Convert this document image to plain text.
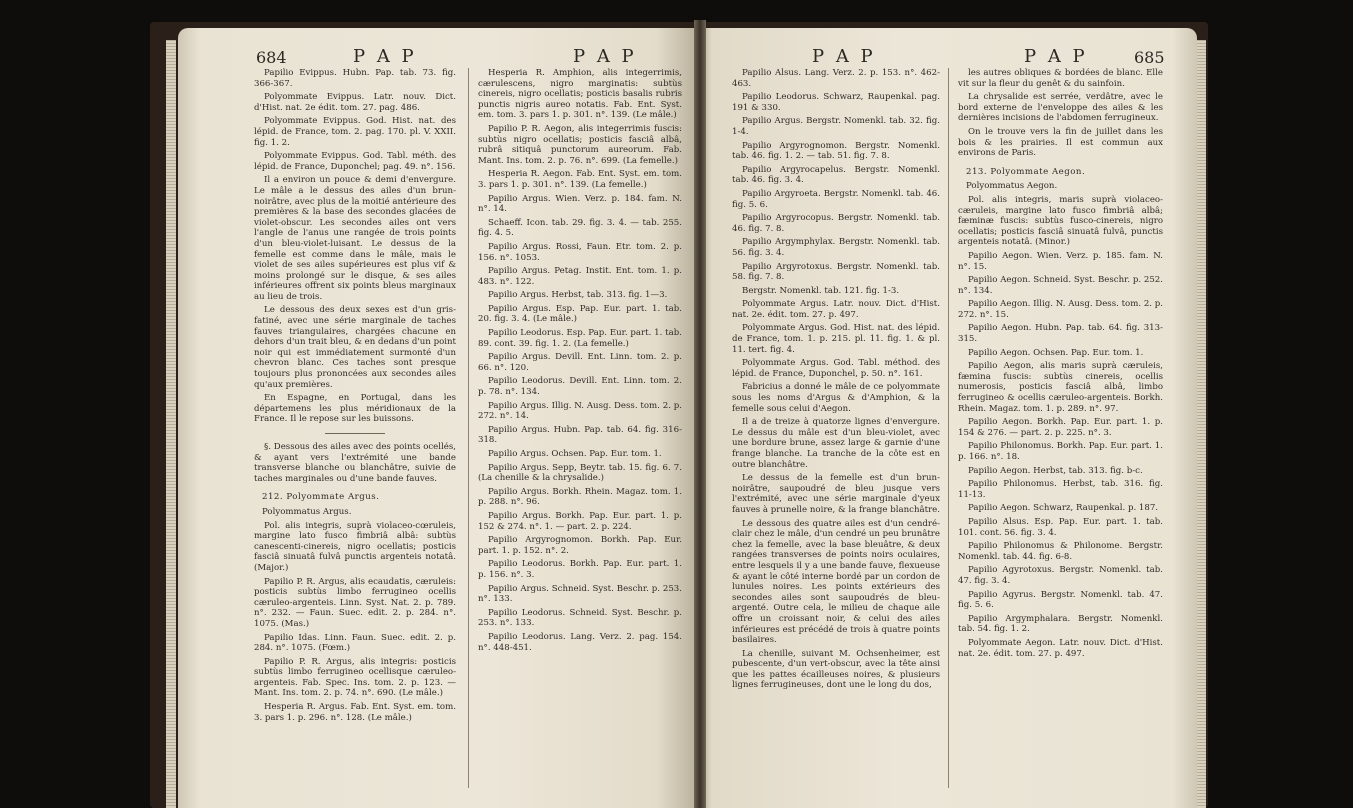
684	P A P	P A P

Papilio Evippus. Hubn. Pap. tab. 73. fig. 366-367.

Polyommate Evippus. Latr. nouv. Dict. d'Hist. nat. 2e édit. tom. 27. pag. 486.

Polyommate Evippus. God. Hist. nat. des lépid. de France, tom. 2. pag. 170. pl. V. XXII. fig. 1. 2.

Polyommate Evippus. God. Tabl. méth. des lépid. de France, Duponchel; pag. 49. n°. 156.

Il a environ un pouce & demi d'envergure. Le mâle a le dessus des ailes d'un brun-noirâtre, avec plus de la moitié antérieure des premières & la base des secondes glacées de violet-obscur. Les secondes ailes ont vers l'angle de l'anus une rangée de trois points d'un bleu-violet-luisant. Le dessus de la femelle est comme dans le mâle, mais le violet de ses ailes supérieures est plus vif & moins prolongé sur le disque, & ses ailes inférieures offrent six points bleus marginaux au lieu de trois.

Le dessous des deux sexes est d'un gris-fatiné, avec une série marginale de taches fauves triangulaires, chargées chacune en dehors d'un trait bleu, & en dedans d'un point noir qui est immédiatement surmonté d'un chevron blanc. Ces taches sont presque toujours plus prononcées aux secondes ailes qu'aux premières.

En Espagne, en Portugal, dans les départemens les plus méridionaux de la France. Il le repose sur les buissons.

§. Dessous des ailes avec des points ocellés, & ayant vers l'extrémité une bande transverse blanche ou blanchâtre, suivie de taches marginales ou d'une bande fauves.

212. Polyommate Argus.

Polyommatus Argus.

Pol. alis integris, suprà violaceo-cœruleis, margine lato fusco fimbriâ albâ: subtùs canescenti-cinereis, nigro ocellatis; posticis fasciâ sinuatâ fulvâ punctis argenteis notatâ. (Major.)

Papilio P. R. Argus, alis ecaudatis, cæruleis: posticis subtùs limbo ferrugineo ocellis cæruleo-argenteis. Linn. Syst. Nat. 2. p. 789. n°. 232. — Faun. Suec. edit. 2. p. 284. n°. 1075. (Mas.)

Papilio Idas. Linn. Faun. Suec. edit. 2. p. 284. n°. 1075. (Fœm.)

Papilio P. R. Argus, alis integris: posticis subtùs limbo ferrugineo ocellisque cæruleo-argenteis. Fab. Spec. Ins. tom. 2. p. 123. — Mant. Ins. tom. 2. p. 74. n°. 690. (Le mâle.)

Hesperia R. Argus. Fab. Ent. Syst. em. tom. 3. pars 1. p. 296. n°. 128. (Le mâle.)

Hesperia R. Amphion, alis integerrimis, cærulescens, nigro marginatis: subtùs cinereis, nigro ocellatis; posticis basalis rubris punctis nigris aureo notatis. Fab. Ent. Syst. em. tom. 3. pars 1. p. 301. n°. 139. (Le mâle.)

Papilio P. R. Aegon, alis integerrimis fuscis: subtùs nigro ocellatis; posticis fasciâ albâ, rubrâ sitiquâ punctorum aureorum. Fab. Mant. Ins. tom. 2. p. 76. n°. 699. (La femelle.)

Hesperia R. Aegon. Fab. Ent. Syst. em. tom. 3. pars 1. p. 301. n°. 139. (La femelle.)

Papilio Argus. Wien. Verz. p. 184. fam. N. n°. 14.

Schaeff. Icon. tab. 29. fig. 3. 4. — tab. 255. fig. 4. 5.

Papilio Argus. Rossi, Faun. Etr. tom. 2. p. 156. n°. 1053.

Papilio Argus. Petag. Instit. Ent. tom. 1. p. 483. n°. 122.

Papilio Argus. Herbst, tab. 313. fig. 1—3.

Papilio Argus. Esp. Pap. Eur. part. 1. tab. 20. fig. 3. 4. (Le mâle.)

Papilio Leodorus. Esp. Pap. Eur. part. 1. tab. 89. cont. 39. fig. 1. 2. (La femelle.)

Papilio Argus. Devill. Ent. Linn. tom. 2. p. 66. n°. 120.

Papilio Leodorus. Devill. Ent. Linn. tom. 2. p. 78. n°. 134.

Papilio Argus. Illig. N. Ausg. Dess. tom. 2. p. 272. n°. 14.

Papilio Argus. Hubn. Pap. tab. 64. fig. 316-318.

Papilio Argus. Ochsen. Pap. Eur. tom. 1.

Papilio Argus. Sepp, Beytr. tab. 15. fig. 6. 7. (La chenille & la chrysalide.)

Papilio Argus. Borkh. Rhein. Magaz. tom. 1. p. 288. n°. 96.

Papilio Argus. Borkh. Pap. Eur. part. 1. p. 152 & 274. n°. 1. — part. 2. p. 224.

Papilio Argyrognomon. Borkh. Pap. Eur. part. 1. p. 152. n°. 2.

Papilio Leodorus. Borkh. Pap. Eur. part. 1. p. 156. n°. 3.

Papilio Argus. Schneid. Syst. Beschr. p. 253. n°. 133.

Papilio Leodorus. Schneid. Syst. Beschr. p. 253. n°. 133.

Papilio Leodorus. Lang. Verz. 2. pag. 154. n°. 448-451.

P A P	P A P	685

Papilio Alsus. Lang. Verz. 2. p. 153. n°. 462-463.

Papilio Leodorus. Schwarz, Raupenkal. pag. 191 & 330.

Papilio Argus. Bergstr. Nomenkl. tab. 32. fig. 1-4.

Papilio Argyrognomon. Bergstr. Nomenkl. tab. 46. fig. 1. 2. — tab. 51. fig. 7. 8.

Papilio Argyrocapelus. Bergstr. Nomenkl. tab. 46. fig. 3. 4.

Papilio Argyroeta. Bergstr. Nomenkl. tab. 46. fig. 5. 6.

Papilio Argyrocopus. Bergstr. Nomenkl. tab. 46. fig. 7. 8.

Papilio Argymphylax. Bergstr. Nomenkl. tab. 56. fig. 3. 4.

Papilio Argyrotoxus. Bergstr. Nomenkl. tab. 58. fig. 7. 8.

Bergstr. Nomenkl. tab. 121. fig. 1-3.

Polyommate Argus. Latr. nouv. Dict. d'Hist. nat. 2e. édit. tom. 27. p. 497.

Polyommate Argus. God. Hist. nat. des lépid. de France, tom. 1. p. 215. pl. 11. fig. 1. & pl. 11. tert. fig. 4.

Polyommate Argus. God. Tabl. méthod. des lépid. de France, Duponchel, p. 50. n°. 161.

Fabricius a donné le mâle de ce polyommate sous les noms d'Argus & d'Amphion, & la femelle sous celui d'Aegon.

Il a de treize à quatorze lignes d'envergure. Le dessus du mâle est d'un bleu-violet, avec une bordure brune, assez large & garnie d'une frange blanche. La tranche de la côte est en outre blanchâtre.

Le dessus de la femelle est d'un brun-noirâtre, saupoudré de bleu jusque vers l'extrémité, avec une série marginale d'yeux fauves à prunelle noire, & la frange blanchâtre.

Le dessous des quatre ailes est d'un cendré-clair chez le mâle, d'un cendré un peu brunâtre chez la femelle, avec la base bleuâtre, & deux rangées transverses de points noirs oculaires, entre lesquels il y a une bande fauve, flexueuse & ayant le côté interne bordé par un cordon de lunules noires. Les points extérieurs des secondes ailes sont saupoudrés de bleu-argenté. Outre cela, le milieu de chaque aile offre un croissant noir, & celui des ailes inférieures est précédé de trois à quatre points basilaires.

La chenille, suivant M. Ochsenheimer, est pubescente, d'un vert-obscur, avec la tête ainsi que les pattes écailleuses noires, & plusieurs lignes ferrugineuses, dont une le long du dos,

les autres obliques & bordées de blanc. Elle vit sur la fleur du genêt & du sainfoin.

La chrysalide est serrée, verdâtre, avec le bord externe de l'enveloppe des ailes & les dernières incisions de l'abdomen ferrugineux.

On le trouve vers la fin de juillet dans les bois & les prairies. Il est commun aux environs de Paris.

213. Polyommate Aegon.

Polyommatus Aegon.

Pol. alis integris, maris suprà violaceo-cæruleis, margine lato fusco fimbriâ albâ; fæminæ fuscis: subtùs fusco-cinereis, nigro ocellatis; posticis fasciâ sinuatâ fulvâ, punctis argenteis notatâ. (Minor.)

Papilio Aegon. Wien. Verz. p. 185. fam. N. n°. 15.

Papilio Aegon. Schneid. Syst. Beschr. p. 252. n°. 134.

Papilio Aegon. Illig. N. Ausg. Dess. tom. 2. p. 272. n°. 15.

Papilio Aegon. Hubn. Pap. tab. 64. fig. 313-315.

Papilio Aegon. Ochsen. Pap. Eur. tom. 1.

Papilio Aegon, alis maris suprà cæruleis, fæmina fuscis: subtùs cinereis, ocellis numerosis, posticis fasciâ albâ, limbo ferrugineo & ocellis cæruleo-argenteis. Borkh. Rhein. Magaz. tom. 1. p. 289. n°. 97.

Papilio Aegon. Borkh. Pap. Eur. part. 1. p. 154 & 276. — part. 2. p. 225. n°. 3.

Papilio Philonomus. Borkh. Pap. Eur. part. 1. p. 166. n°. 18.

Papilio Aegon. Herbst, tab. 313. fig. b-c.

Papilio Philonomus. Herbst, tab. 316. fig. 11-13.

Papilio Aegon. Schwarz, Raupenkal. p. 187.

Papilio Alsus. Esp. Pap. Eur. part. 1. tab. 101. cont. 56. fig. 3. 4.

Papilio Philonomus & Philonome. Bergstr. Nomenkl. tab. 44. fig. 6-8.

Papilio Agyrotoxus. Bergstr. Nomenkl. tab. 47. fig. 3. 4.

Papilio Agyrus. Bergstr. Nomenkl. tab. 47. fig. 5. 6.

Papilio Argymphalara. Bergstr. Nomenkl. tab. 54. fig. 1. 2.

Polyommate Aegon. Latr. nouv. Dict. d'Hist. nat. 2e. édit. tom. 27. p. 497.
